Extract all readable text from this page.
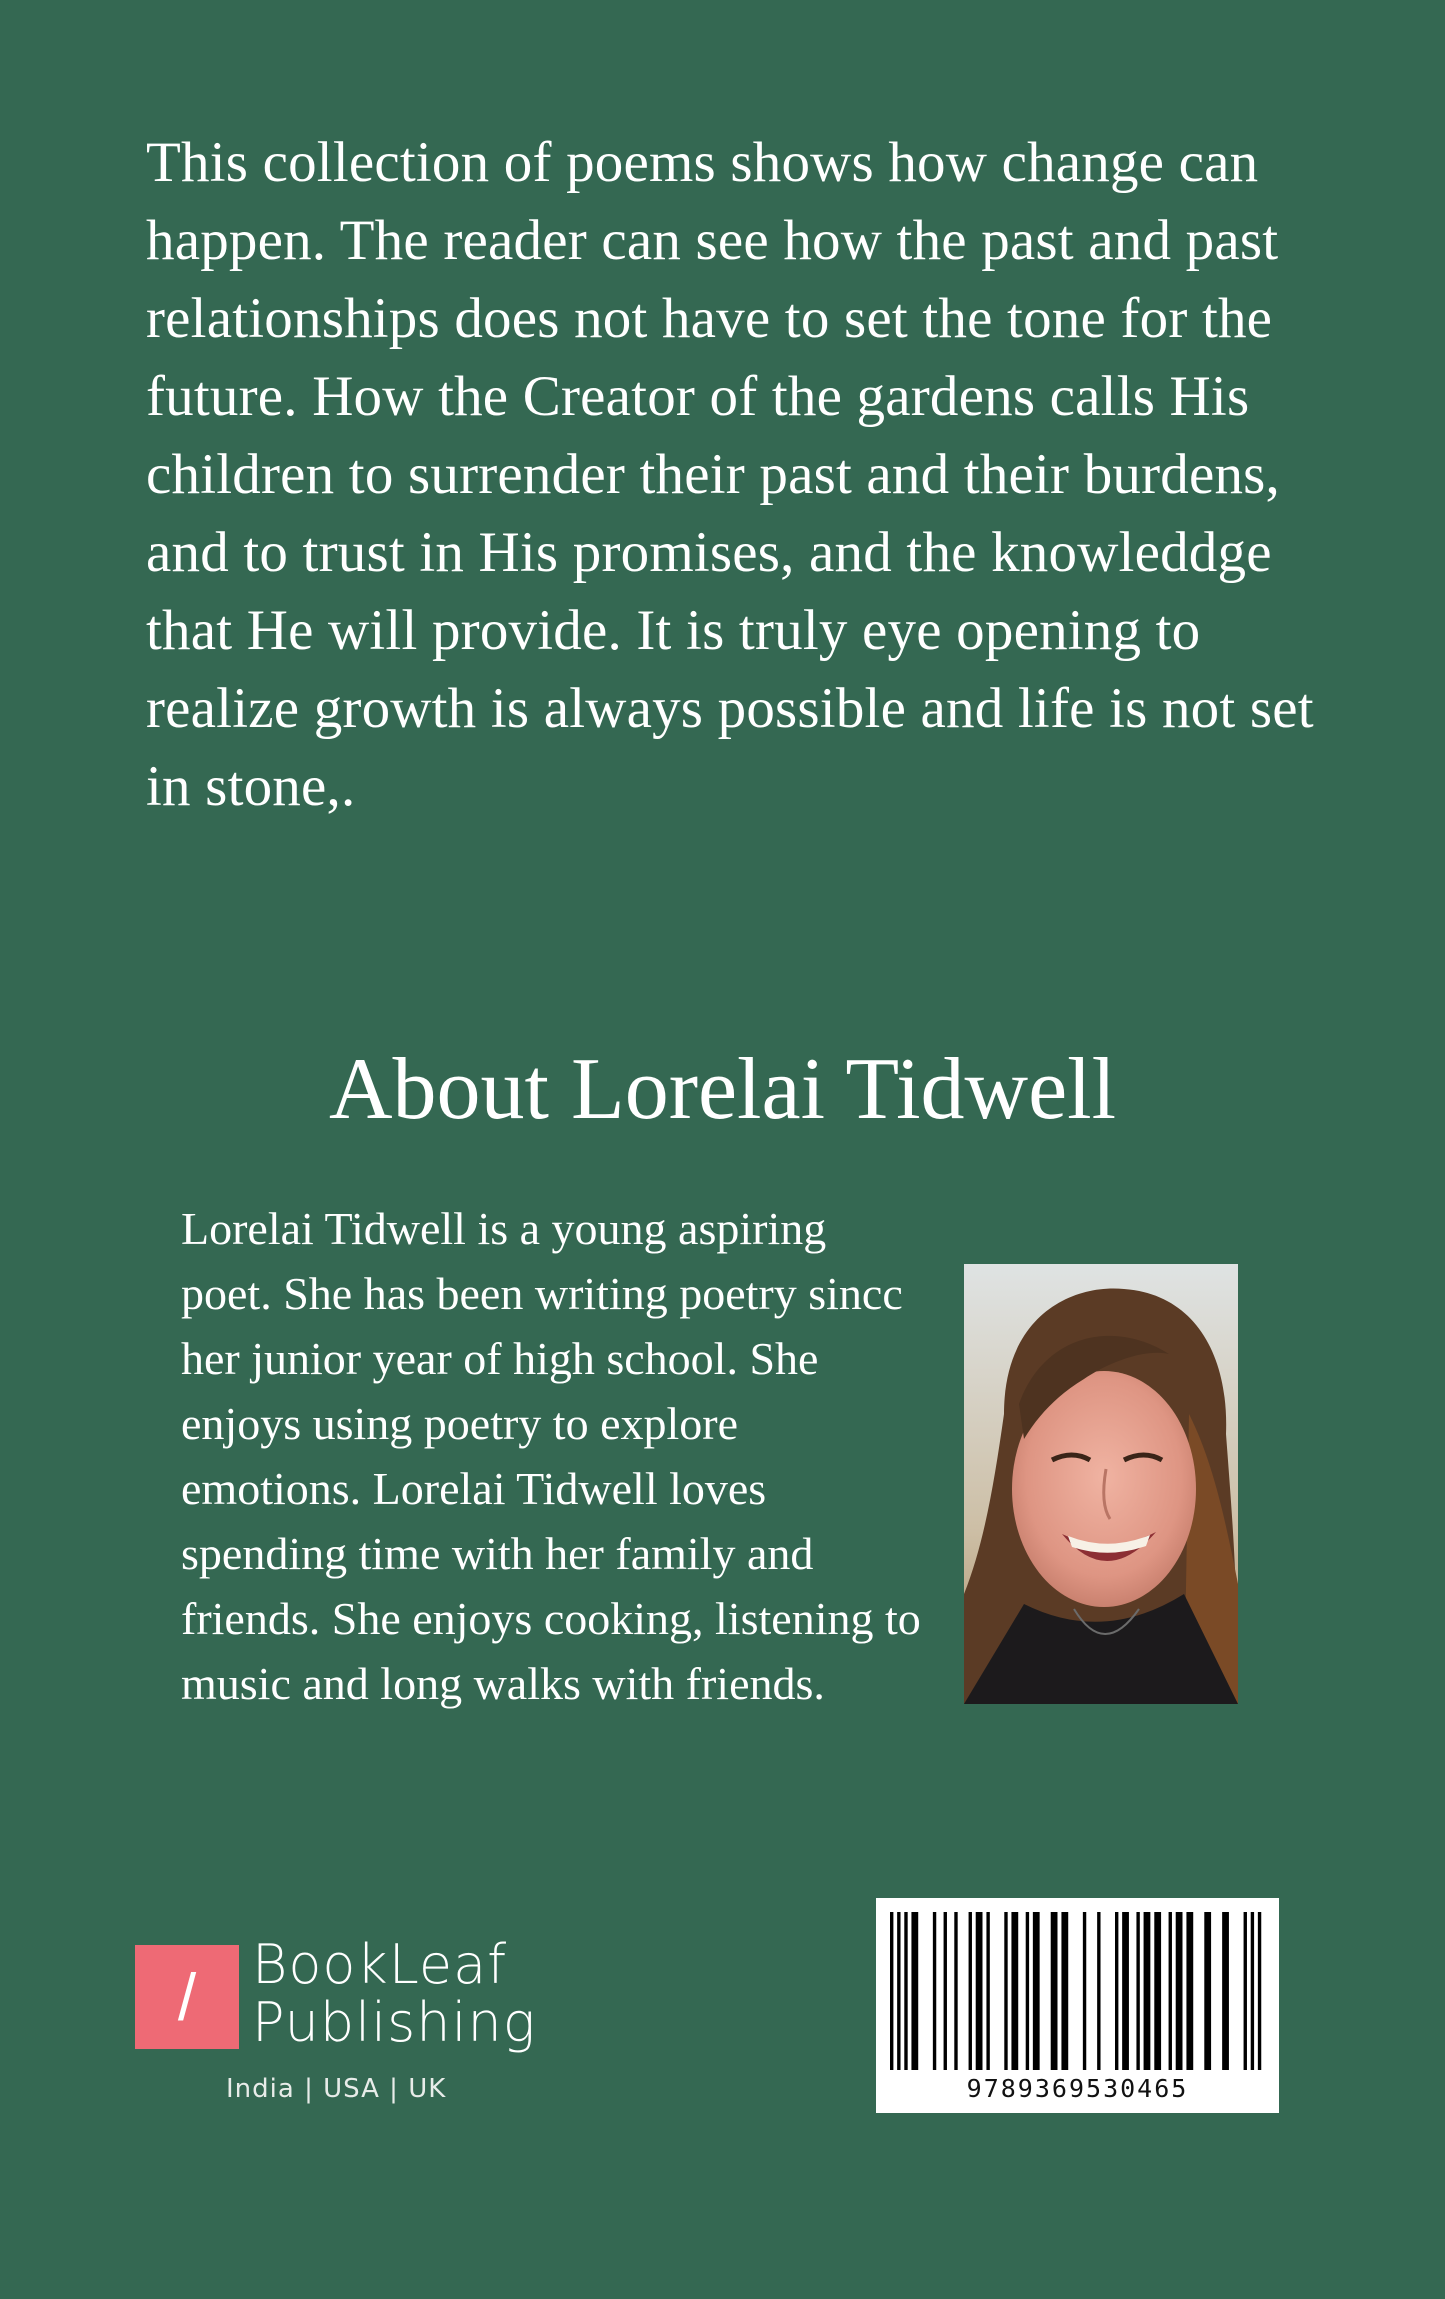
This collection of poems shows how change can happen. The reader can see how the past and past relationships does not have to set the tone for the future. How the Creator of the gardens calls His children to surrender their past and their burdens, and to trust in His promises, and the knowleddge that He will provide. It is truly eye opening to realize growth is always possible and life is not set in stone,.

About Lorelai Tidwell

Lorelai Tidwell is a young aspiring poet. She has been writing poetry sincc her junior year of high school. She enjoys using poetry to explore emotions. Lorelai Tidwell loves spending time with her family and friends. She enjoys cooking, listening to music and long walks with friends.

/	BookLeaf
Publishing
India | USA | UK	9789369530465
